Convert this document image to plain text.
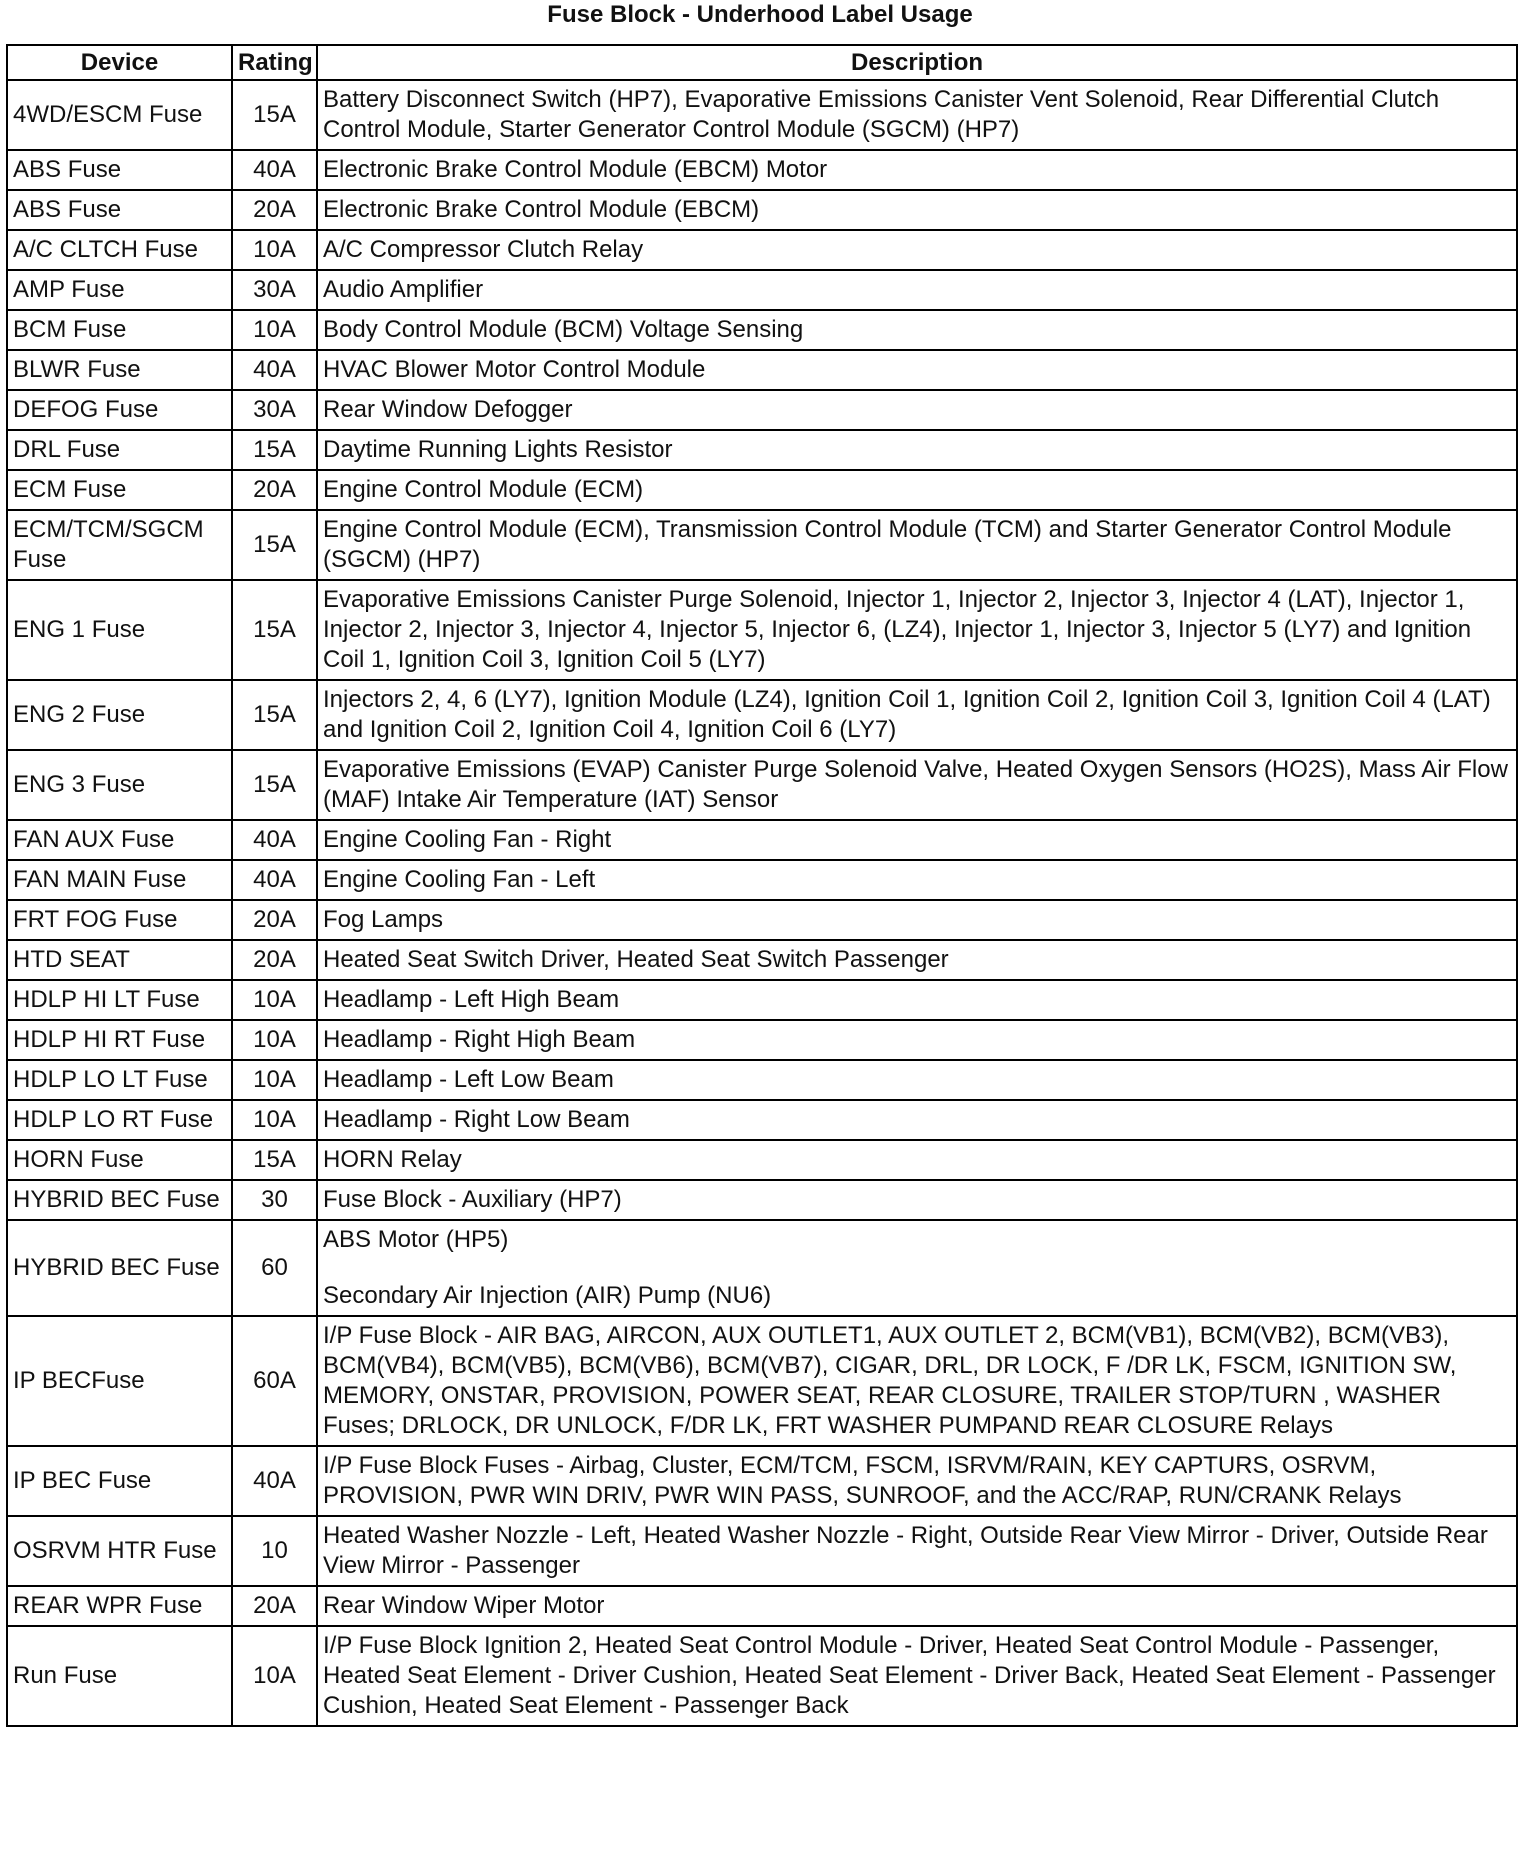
Fuse Block - Underhood Label Usage
Device	Rating	Description
4WD/ESCM Fuse	15A	Battery Disconnect Switch (HP7), Evaporative Emissions Canister Vent Solenoid, Rear Differential Clutch Control Module, Starter Generator Control Module (SGCM) (HP7)

ABS Fuse	40A	Electronic Brake Control Module (EBCM) Motor

ABS Fuse	20A	Electronic Brake Control Module (EBCM)

A/C CLTCH Fuse	10A	A/C Compressor Clutch Relay

AMP Fuse	30A	Audio Amplifier

BCM Fuse	10A	Body Control Module (BCM) Voltage Sensing

BLWR Fuse	40A	HVAC Blower Motor Control Module

DEFOG Fuse	30A	Rear Window Defogger

DRL Fuse	15A	Daytime Running Lights Resistor

ECM Fuse	20A	Engine Control Module (ECM)

ECM/TCM/SGCM Fuse	15A	Engine Control Module (ECM), Transmission Control Module (TCM) and Starter Generator Control Module (SGCM) (HP7)

ENG 1 Fuse	15A	Evaporative Emissions Canister Purge Solenoid, Injector 1, Injector 2, Injector 3, Injector 4 (LAT), Injector 1, Injector 2, Injector 3, Injector 4, Injector 5, Injector 6, (LZ4), Injector 1, Injector 3, Injector 5 (LY7) and Ignition Coil 1, Ignition Coil 3, Ignition Coil 5 (LY7)

ENG 2 Fuse	15A	Injectors 2, 4, 6 (LY7), Ignition Module (LZ4), Ignition Coil 1, Ignition Coil 2, Ignition Coil 3, Ignition Coil 4 (LAT) and Ignition Coil 2, Ignition Coil 4, Ignition Coil 6 (LY7)

ENG 3 Fuse	15A	Evaporative Emissions (EVAP) Canister Purge Solenoid Valve, Heated Oxygen Sensors (HO2S), Mass Air Flow (MAF) Intake Air Temperature (IAT) Sensor

FAN AUX Fuse	40A	Engine Cooling Fan - Right

FAN MAIN Fuse	40A	Engine Cooling Fan - Left

FRT FOG Fuse	20A	Fog Lamps

HTD SEAT	20A	Heated Seat Switch Driver, Heated Seat Switch Passenger

HDLP HI LT Fuse	10A	Headlamp - Left High Beam

HDLP HI RT Fuse	10A	Headlamp - Right High Beam

HDLP LO LT Fuse	10A	Headlamp - Left Low Beam

HDLP LO RT Fuse	10A	Headlamp - Right Low Beam

HORN Fuse	15A	HORN Relay

HYBRID BEC Fuse	30	Fuse Block - Auxiliary (HP7)

HYBRID BEC Fuse	60	ABS Motor (HP5)
Secondary Air Injection (AIR) Pump (NU6)

IP BECFuse	60A	I/P Fuse Block - AIR BAG, AIRCON, AUX OUTLET1, AUX OUTLET 2, BCM(VB1), BCM(VB2), BCM(VB3), BCM(VB4), BCM(VB5), BCM(VB6), BCM(VB7), CIGAR, DRL, DR LOCK, F /DR LK, FSCM, IGNITION SW, MEMORY, ONSTAR, PROVISION, POWER SEAT, REAR CLOSURE, TRAILER STOP/TURN , WASHER Fuses; DRLOCK, DR UNLOCK, F/DR LK, FRT WASHER PUMPAND REAR CLOSURE Relays

IP BEC Fuse	40A	I/P Fuse Block Fuses - Airbag, Cluster, ECM/TCM, FSCM, ISRVM/RAIN, KEY CAPTURS, OSRVM, PROVISION, PWR WIN DRIV, PWR WIN PASS, SUNROOF, and the ACC/RAP, RUN/CRANK Relays

OSRVM HTR Fuse	10	Heated Washer Nozzle - Left, Heated Washer Nozzle - Right, Outside Rear View Mirror - Driver, Outside Rear View Mirror - Passenger

REAR WPR Fuse	20A	Rear Window Wiper Motor

Run Fuse	10A	I/P Fuse Block Ignition 2, Heated Seat Control Module - Driver, Heated Seat Control Module - Passenger, Heated Seat Element - Driver Cushion, Heated Seat Element - Driver Back, Heated Seat Element - Passenger Cushion, Heated Seat Element - Passenger Back
